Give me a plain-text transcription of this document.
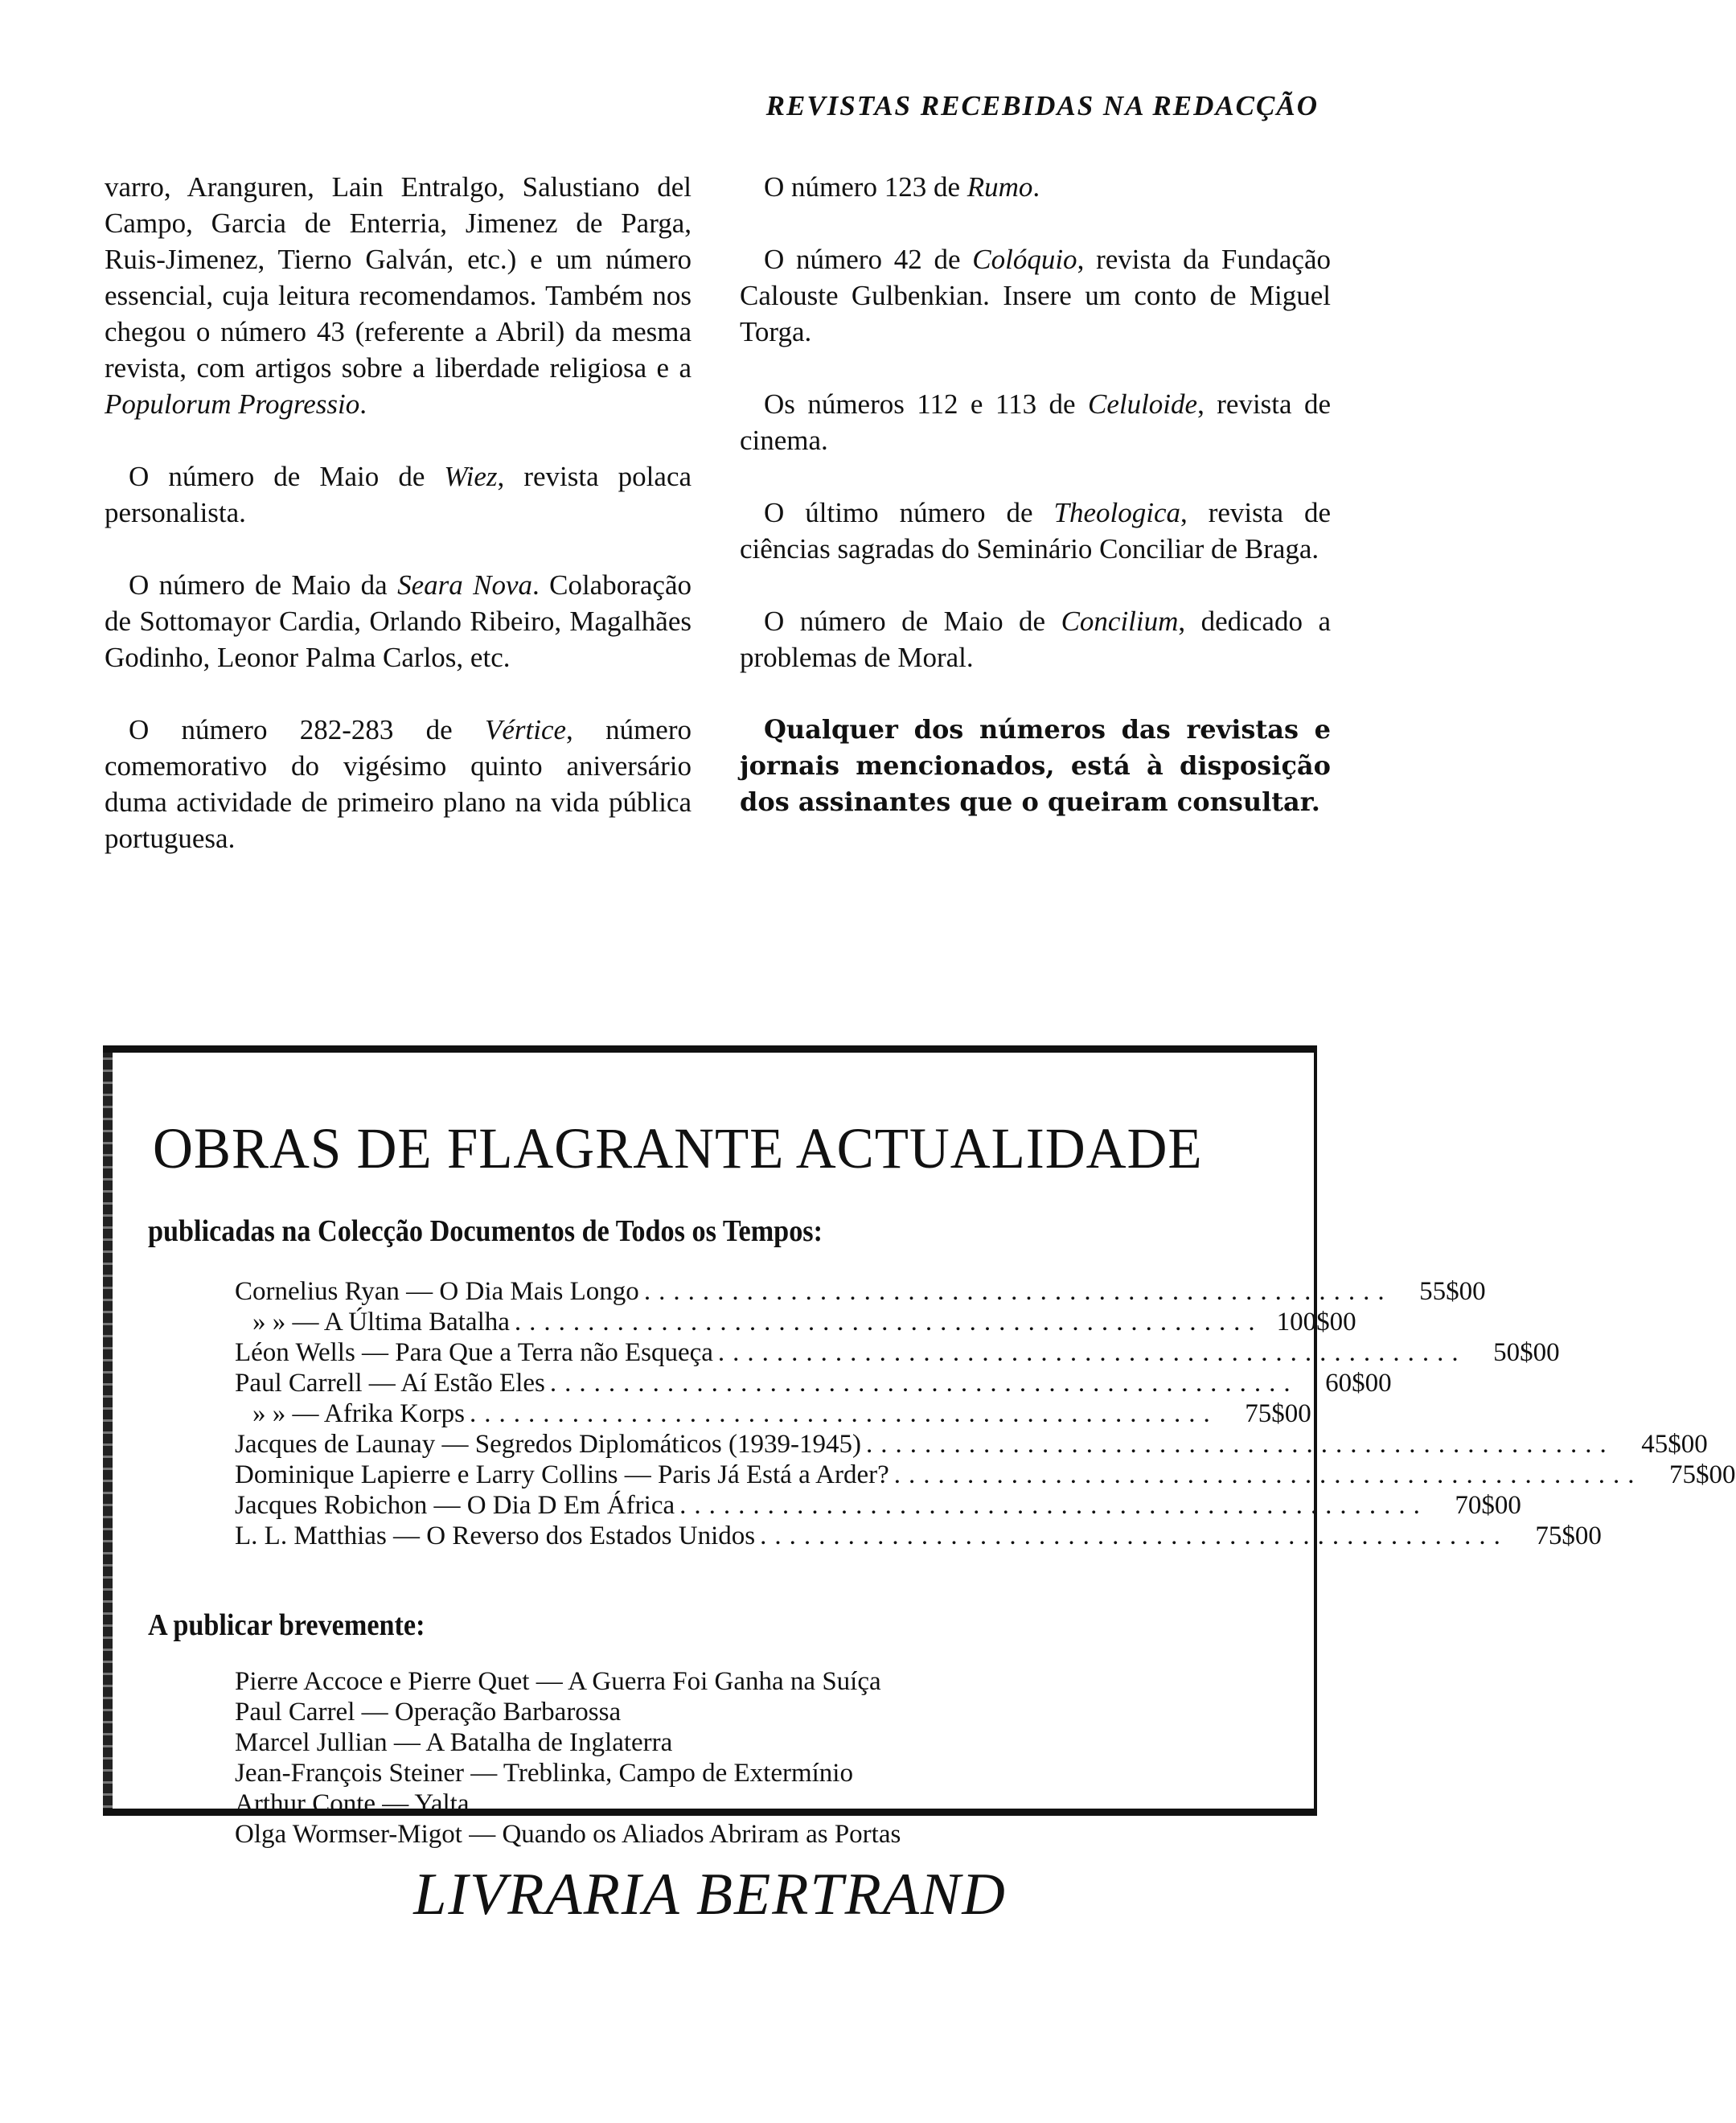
REVISTAS RECEBIDAS NA REDACÇÃO

varro, Aranguren, Lain Entralgo, Salustiano del Campo, Garcia de Enterria, Jimenez de Parga, Ruis-Jimenez, Tierno Galván, etc.) e um número essencial, cuja leitura recomendamos. Também nos chegou o número 43 (referente a Abril) da mesma revista, com artigos sobre a liberdade religiosa e a Populorum Progressio.

O número de Maio de Wiez, revista polaca personalista.

O número de Maio da Seara Nova. Colaboração de Sottomayor Cardia, Orlando Ribeiro, Magalhães Godinho, Leonor Palma Carlos, etc.

O número 282-283 de Vértice, número comemorativo do vigésimo quinto aniversário duma actividade de primeiro plano na vida pública portuguesa.

O número 123 de Rumo.

O número 42 de Colóquio, revista da Fundação Calouste Gulbenkian. Insere um conto de Miguel Torga.

Os números 112 e 113 de Celuloide, revista de cinema.

O último número de Theologica, revista de ciências sagradas do Seminário Conciliar de Braga.

O número de Maio de Concilium, dedicado a problemas de Moral.

Qualquer dos números das revistas e jornais mencionados, está à disposição dos assinantes que o queiram consultar.

OBRAS DE FLAGRANTE ACTUALIDADE
publicadas na Colecção Documentos de Todos os Tempos:
Cornelius Ryan — O Dia Mais Longo ...................................................	55$00
» » — A Última Batalha ................................................... 100$00
Léon Wells — Para Que a Terra não Esqueça ...................................................	50$00
Paul Carrell — Aí Estão Eles ...................................................	60$00
» » — Afrika Korps ...................................................	75$00
Jacques de Launay — Segredos Diplomáticos (1939-1945) ...................................................	45$00
Dominique Lapierre e Larry Collins — Paris Já Está a Arder? ...................................................	75$00
Jacques Robichon — O Dia D Em África ...................................................	70$00
L. L. Matthias — O Reverso dos Estados Unidos ...................................................	75$00
A publicar brevemente:
Pierre Accoce e Pierre Quet — A Guerra Foi Ganha na Suíça
Paul Carrel — Operação Barbarossa
Marcel Jullian — A Batalha de Inglaterra
Jean-François Steiner — Treblinka, Campo de Extermínio
Arthur Conte — Yalta
Olga Wormser-Migot — Quando os Aliados Abriram as Portas
LIVRARIA BERTRAND
